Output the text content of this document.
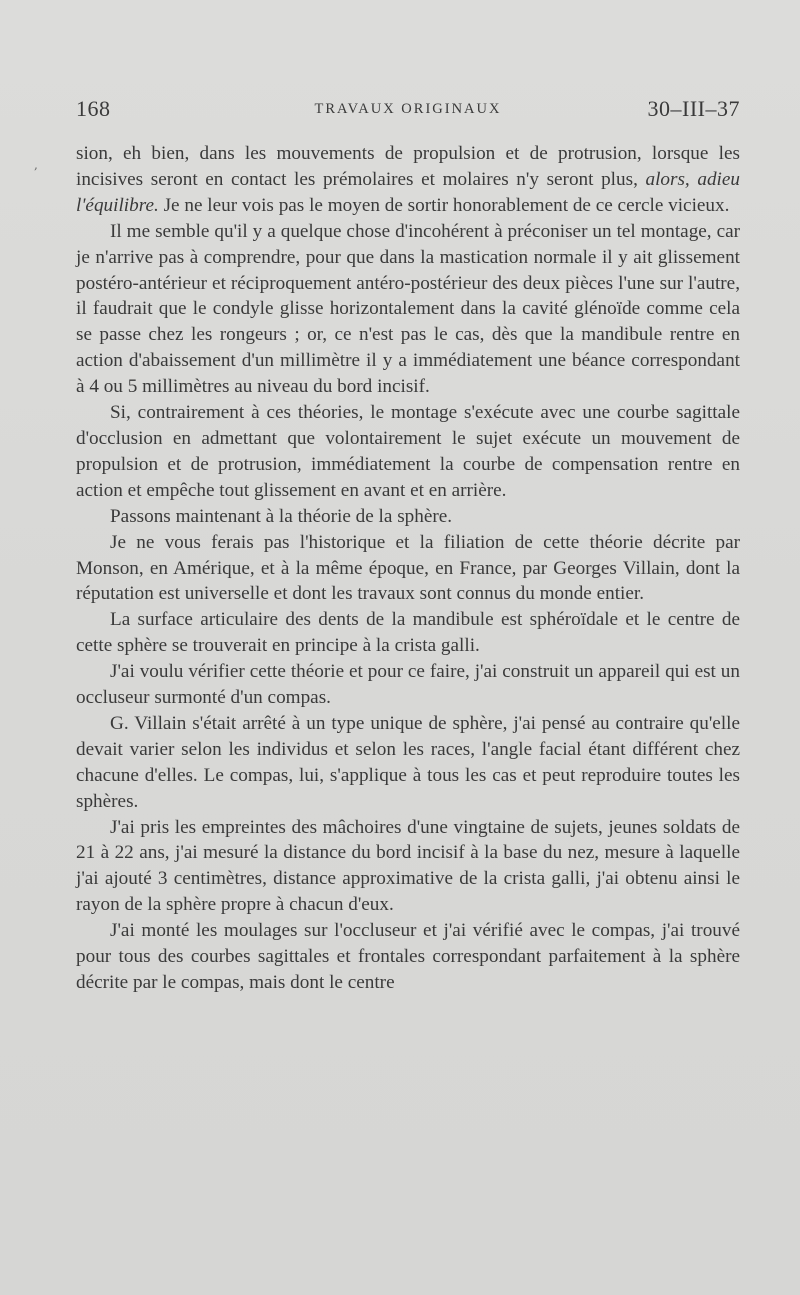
,
168	TRAVAUX ORIGINAUX	30–III–37

sion, eh bien, dans les mouvements de propulsion et de protrusion, lorsque les incisives seront en contact les prémolaires et molaires n'y seront plus, alors, adieu l'équilibre. Je ne leur vois pas le moyen de sortir honorablement de ce cercle vicieux.

Il me semble qu'il y a quelque chose d'incohérent à préconiser un tel montage, car je n'arrive pas à comprendre, pour que dans la mastication normale il y ait glissement postéro-antérieur et réciproquement antéro-postérieur des deux pièces l'une sur l'autre, il faudrait que le condyle glisse horizontalement dans la cavité glénoïde comme cela se passe chez les rongeurs ; or, ce n'est pas le cas, dès que la mandibule rentre en action d'abaissement d'un millimètre il y a immédiatement une béance correspondant à 4 ou 5 millimètres au niveau du bord incisif.

Si, contrairement à ces théories, le montage s'exécute avec une courbe sagittale d'occlusion en admettant que volontairement le sujet exécute un mouvement de propulsion et de protrusion, immédiatement la courbe de compensation rentre en action et empêche tout glissement en avant et en arrière.

Passons maintenant à la théorie de la sphère.

Je ne vous ferais pas l'historique et la filiation de cette théorie décrite par Monson, en Amérique, et à la même époque, en France, par Georges Villain, dont la réputation est universelle et dont les travaux sont connus du monde entier.

La surface articulaire des dents de la mandibule est sphéroïdale et le centre de cette sphère se trouverait en principe à la crista galli.

J'ai voulu vérifier cette théorie et pour ce faire, j'ai construit un appareil qui est un occluseur surmonté d'un compas.

G. Villain s'était arrêté à un type unique de sphère, j'ai pensé au contraire qu'elle devait varier selon les individus et selon les races, l'angle facial étant différent chez chacune d'elles. Le compas, lui, s'applique à tous les cas et peut reproduire toutes les sphères.

J'ai pris les empreintes des mâchoires d'une vingtaine de sujets, jeunes soldats de 21 à 22 ans, j'ai mesuré la distance du bord incisif à la base du nez, mesure à laquelle j'ai ajouté 3 centimètres, distance approximative de la crista galli, j'ai obtenu ainsi le rayon de la sphère propre à chacun d'eux.

J'ai monté les moulages sur l'occluseur et j'ai vérifié avec le compas, j'ai trouvé pour tous des courbes sagittales et frontales correspondant parfaitement à la sphère décrite par le compas, mais dont le centre
